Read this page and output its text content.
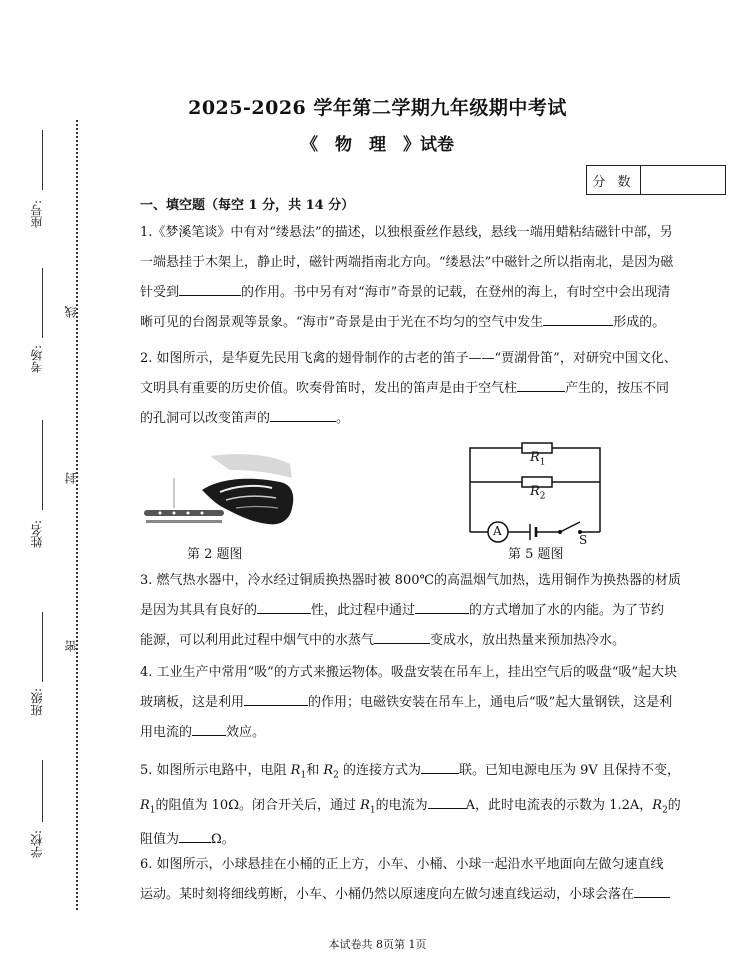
座号:
考场:
姓名:
班级:
学校:
线
封
密
2025-2026 学年第二学期九年级期中考试
《　物　理　》试卷
分 数
一、填空题（每空 1 分，共 14 分）
1.《梦溪笔谈》中有对“缕悬法”的描述，以独根蚕丝作悬线，悬线一端用蜡粘结磁针中部，另
一端悬挂于木架上，静止时，磁针两端指南北方向。“缕悬法”中磁针之所以指南北，是因为磁
针受到	的作用。书中另有对“海市”奇景的记载，在登州的海上，有时空中会出现清
晰可见的台阁景观等景象。“海市”奇景是由于光在不均匀的空气中发生	形成的。
2. 如图所示，是华夏先民用飞禽的翅骨制作的古老的笛子——“贾湖骨笛”，对研究中国文化、
文明具有重要的历史价值。吹奏骨笛时，发出的笛声是由于空气柱	产生的，按压不同
的孔洞可以改变笛声的	。
第 2 题图
$R_1$
$R_2$
A
S
第 5 题图
3. 燃气热水器中，冷水经过铜质换热器时被 800℃的高温烟气加热，选用铜作为换热器的材质
是因为其具有良好的	性，此过程中通过	的方式增加了水的内能。为了节约
能源，可以利用此过程中烟气中的水蒸气	变成水，放出热量来预加热冷水。
4. 工业生产中常用“吸”的方式来搬运物体。吸盘安装在吊车上，挂出空气后的吸盘“吸”起大块
玻璃板，这是利用	的作用；电磁铁安装在吊车上，通电后“吸”起大量钢铁，这是利
用电流的	效应。
5. 如图所示电路中，电阻 $R_1$和 $R_2$ 的连接方式为	联。已知电源电压为 9V 且保持不变，
$R_1$的阻值为 10Ω。闭合开关后，通过 $R_1$的电流为	A，此时电流表的示数为 1.2A，$R_2$的
阻值为 Ω。
6. 如图所示，小球悬挂在小桶的正上方，小车、小桶、小球一起沿水平地面向左做匀速直线
运动。某时刻将细线剪断，小车、小桶仍然以原速度向左做匀速直线运动，小球会落在
本试卷共 8页第 1页
